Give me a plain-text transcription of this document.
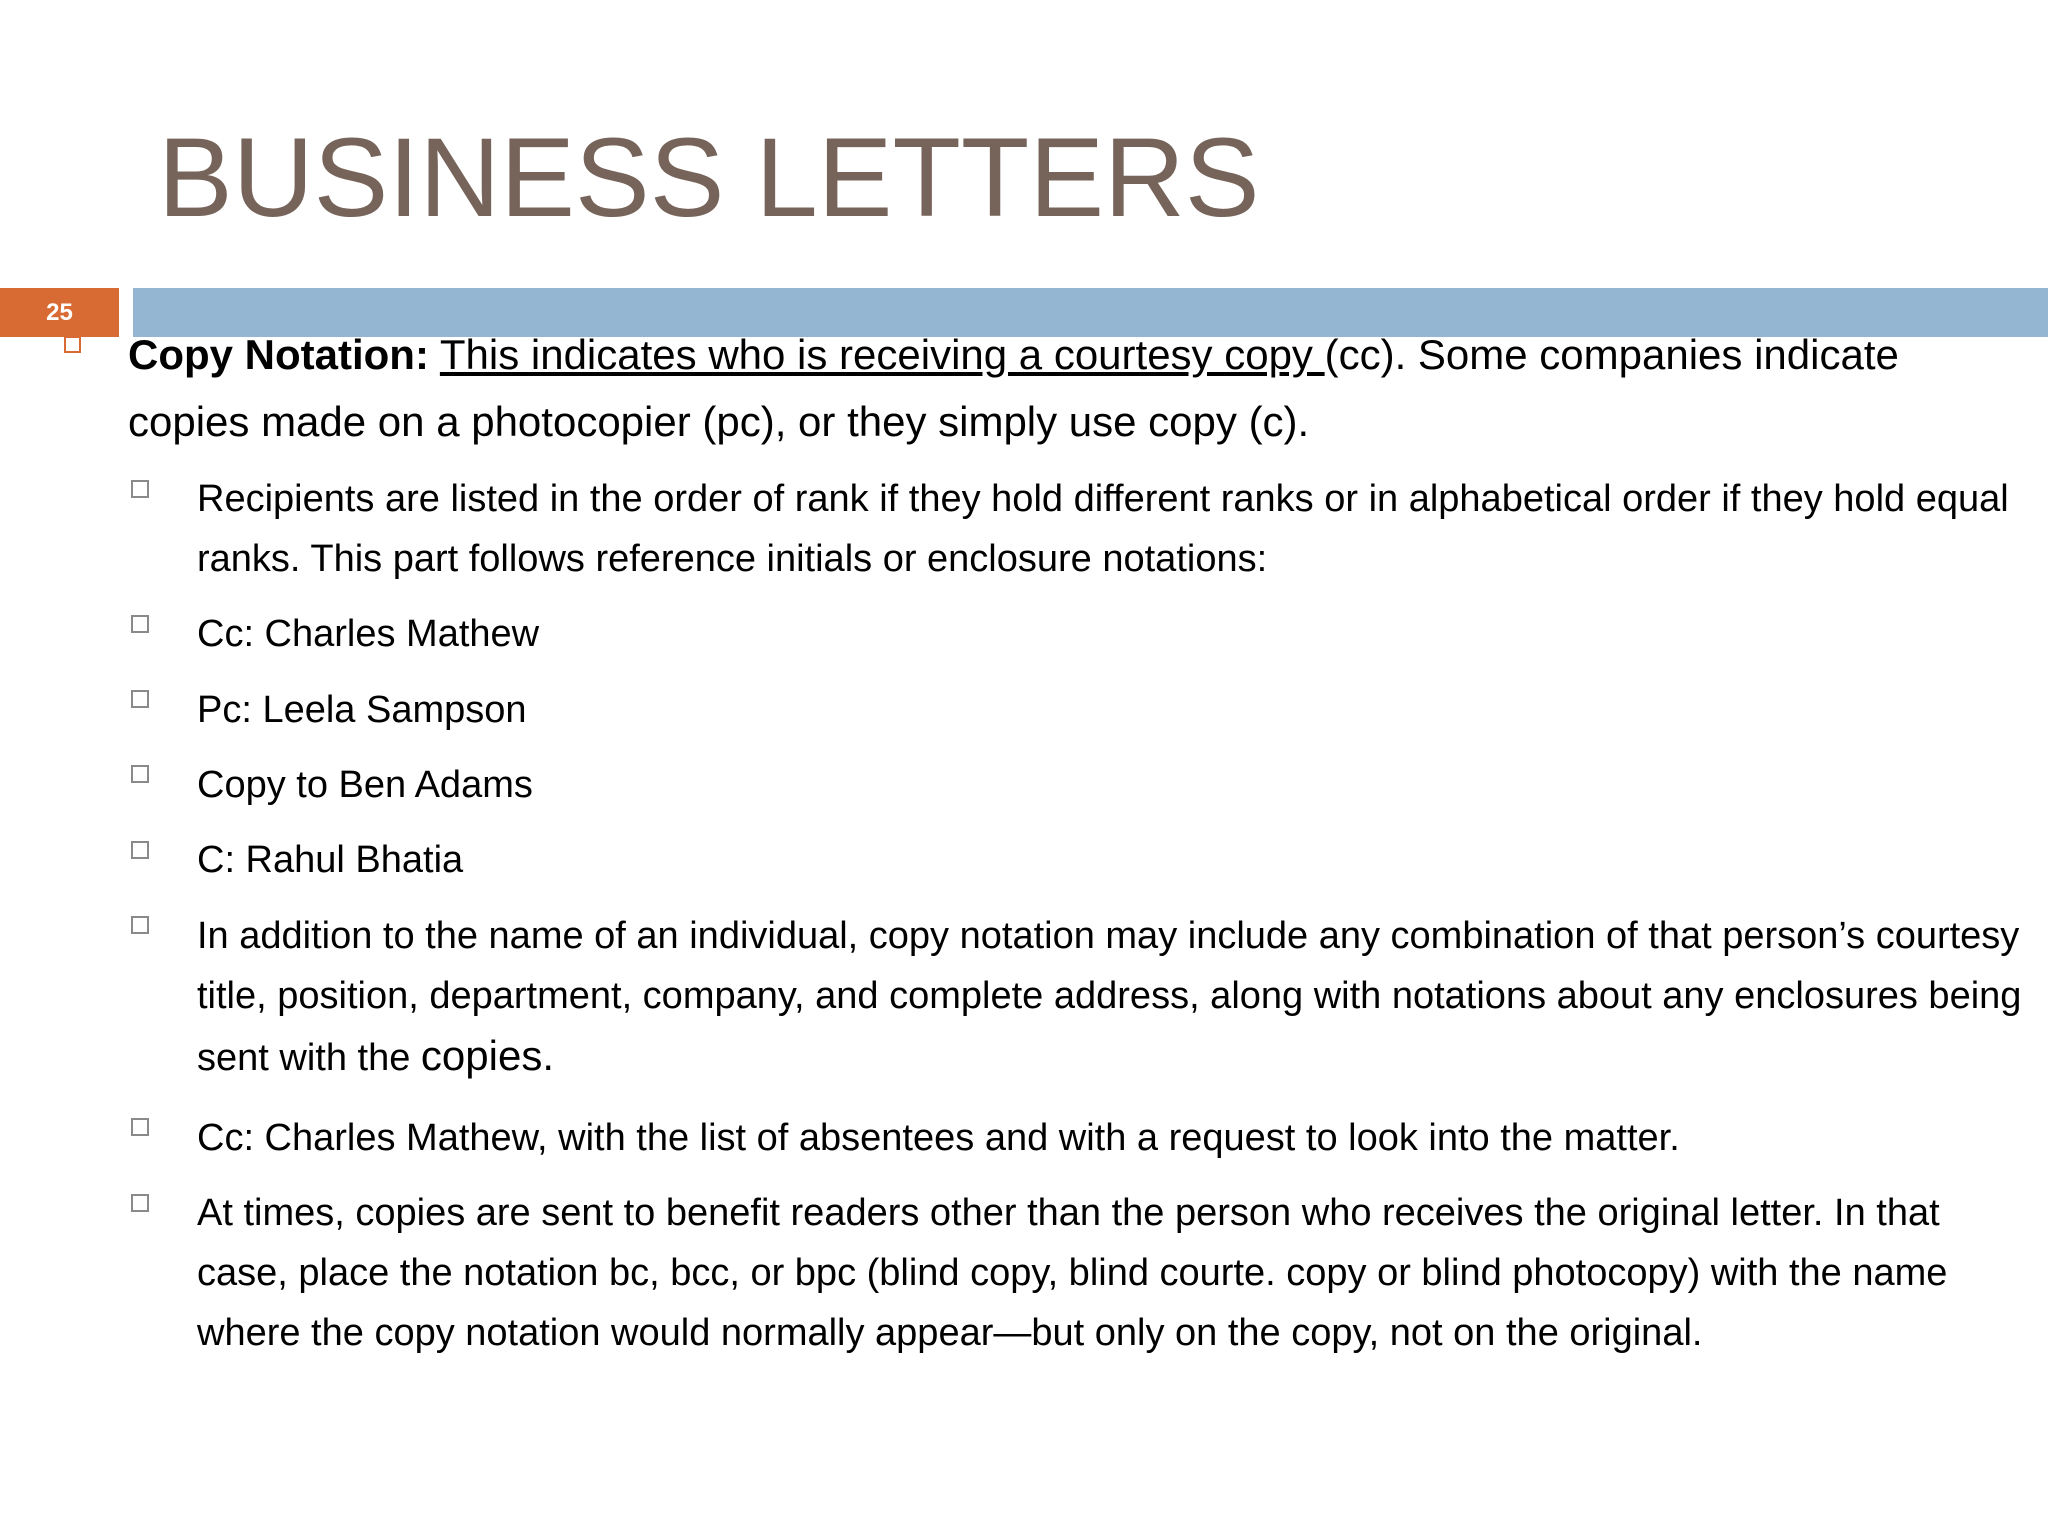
BUSINESS LETTERS
25

Copy Notation: This indicates who is receiving a courtesy copy (cc). Some companies indicate copies made on a photocopier (pc), or they simply use copy (c).

Recipients are listed in the order of rank if they hold different ranks or in alphabetical order if they hold equal ranks. This part follows reference initials or enclosure notations:

Cc: Charles Mathew

Pc: Leela Sampson

Copy to Ben Adams

C: Rahul Bhatia

In addition to the name of an individual, copy notation may include any combination of that person’s courtesy title, position, department, company, and complete address, along with notations about any enclosures being sent with the copies.

Cc: Charles Mathew, with the list of absentees and with a request to look into the matter.

At times, copies are sent to benefit readers other than the person who receives the original letter. In that case, place the notation bc, bcc, or bpc (blind copy, blind courte. copy or blind photocopy) with the name where the copy notation would normally appear—but only on the copy, not on the original.
